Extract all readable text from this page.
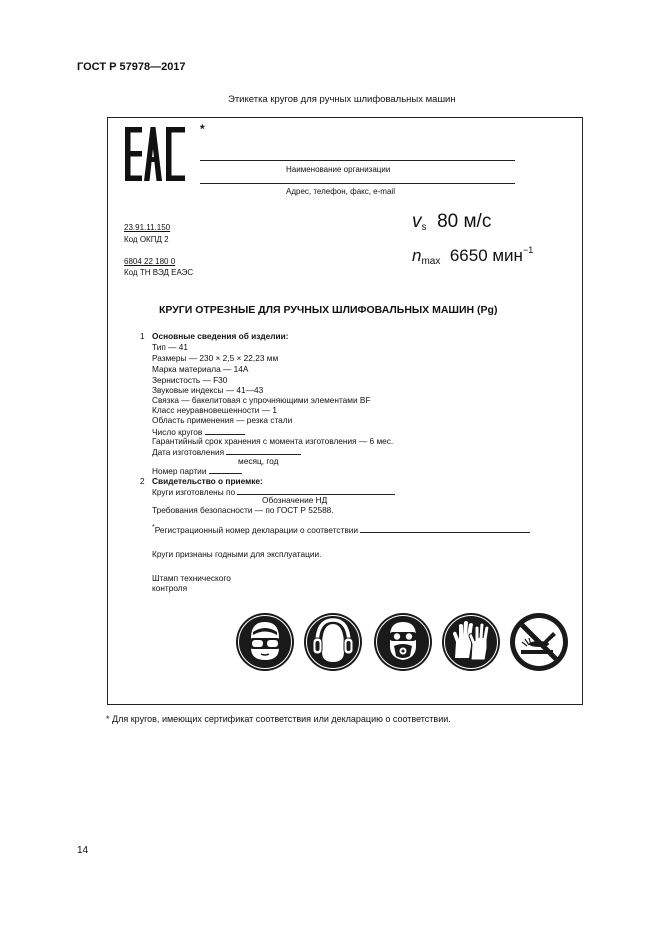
ГОСТ Р 57978—2017
Этикетка кругов для ручных шлифовальных машин
*
Наименование организации
Адрес, телефон, факс, e-mail
23.91.11.150
Код ОКПД 2
6804 22 180 0
Код ТН ВЭД ЕАЭС
$v_s$ 80 м/с
$n_{max}$ 6650 мин$^{-1}$
КРУГИ ОТРЕЗНЫЕ ДЛЯ РУЧНЫХ ШЛИФОВАЛЬНЫХ МАШИН (Pg)
1 Основные сведения об изделии:
Тип — 41
Размеры — 230 × 2,5 × 22,23 мм
Марка материала — 14А
Зернистость — F30
Звуковые индексы — 41—43
Связка — бакелитовая с упрочняющими элементами BF
Класс неуравновешенности — 1
Область применения — резка стали
Число кругов
Гарантийный срок хранения с момента изготовления — 6 мес.
Дата изготовления
месяц, год
Номер партии
2 Свидетельство о приемке:
Круги изготовлены по
Обозначение НД
Требования безопасности — по ГОСТ Р 52588.
*Регистрационный номер декларации о соответствии
Круги признаны годными для эксплуатации.
Штамп технического
контроля
* Для кругов, имеющих сертификат соответствия или декларацию о соответствии.
14
